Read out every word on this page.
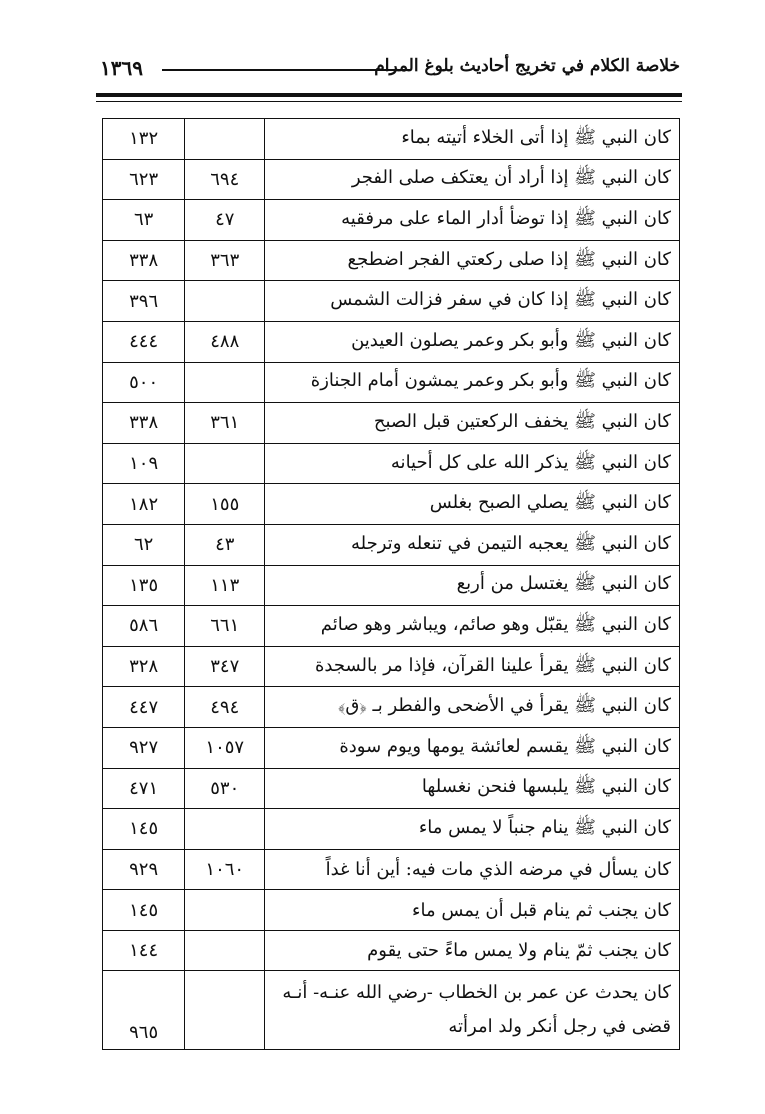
خلاصة الكلام في تخريج أحاديث بلوغ المرام
١٣٦٩
كان النبي ﷺ إذا أتى الخلاء أتيته بماء		١٣٢
كان النبي ﷺ إذا أراد أن يعتكف صلى الفجر	٦٩٤	٦٢٣
كان النبي ﷺ إذا توضأ أدار الماء على مرفقيه	٤٧	٦٣
كان النبي ﷺ إذا صلى ركعتي الفجر اضطجع	٣٦٣	٣٣٨
كان النبي ﷺ إذا كان في سفر فزالت الشمس		٣٩٦
كان النبي ﷺ وأبو بكر وعمر يصلون العيدين	٤٨٨	٤٤٤
كان النبي ﷺ وأبو بكر وعمر يمشون أمام الجنازة		٥٠٠
كان النبي ﷺ يخفف الركعتين قبل الصبح	٣٦١	٣٣٨
كان النبي ﷺ يذكر الله على كل أحيانه		١٠٩
كان النبي ﷺ يصلي الصبح بغلس	١٥٥	١٨٢
كان النبي ﷺ يعجبه التيمن في تنعله وترجله	٤٣	٦٢
كان النبي ﷺ يغتسل من أربع	١١٣	١٣٥
كان النبي ﷺ يقبّل وهو صائم، ويباشر وهو صائم	٦٦١	٥٨٦
كان النبي ﷺ يقرأ علينا القرآن، فإذا مر بالسجدة	٣٤٧	٣٢٨
كان النبي ﷺ يقرأ في الأضحى والفطر بـ ﴿ق﴾	٤٩٤	٤٤٧
كان النبي ﷺ يقسم لعائشة يومها ويوم سودة	١٠٥٧	٩٢٧
كان النبي ﷺ يلبسها فنحن نغسلها	٥٣٠	٤٧١
كان النبي ﷺ ينام جنباً لا يمس ماء		١٤٥
كان يسأل في مرضه الذي مات فيه: أين أنا غداً	١٠٦٠	٩٢٩
كان يجنب ثم ينام قبل أن يمس ماء		١٤٥
كان يجنب ثمّ ينام ولا يمس ماءً حتى يقوم		١٤٤

كان يحدث عن عمر بن الخطاب -رضي الله عنـه- أنـه
قضى في رجل أنكر ولد امرأته		٩٦٥
